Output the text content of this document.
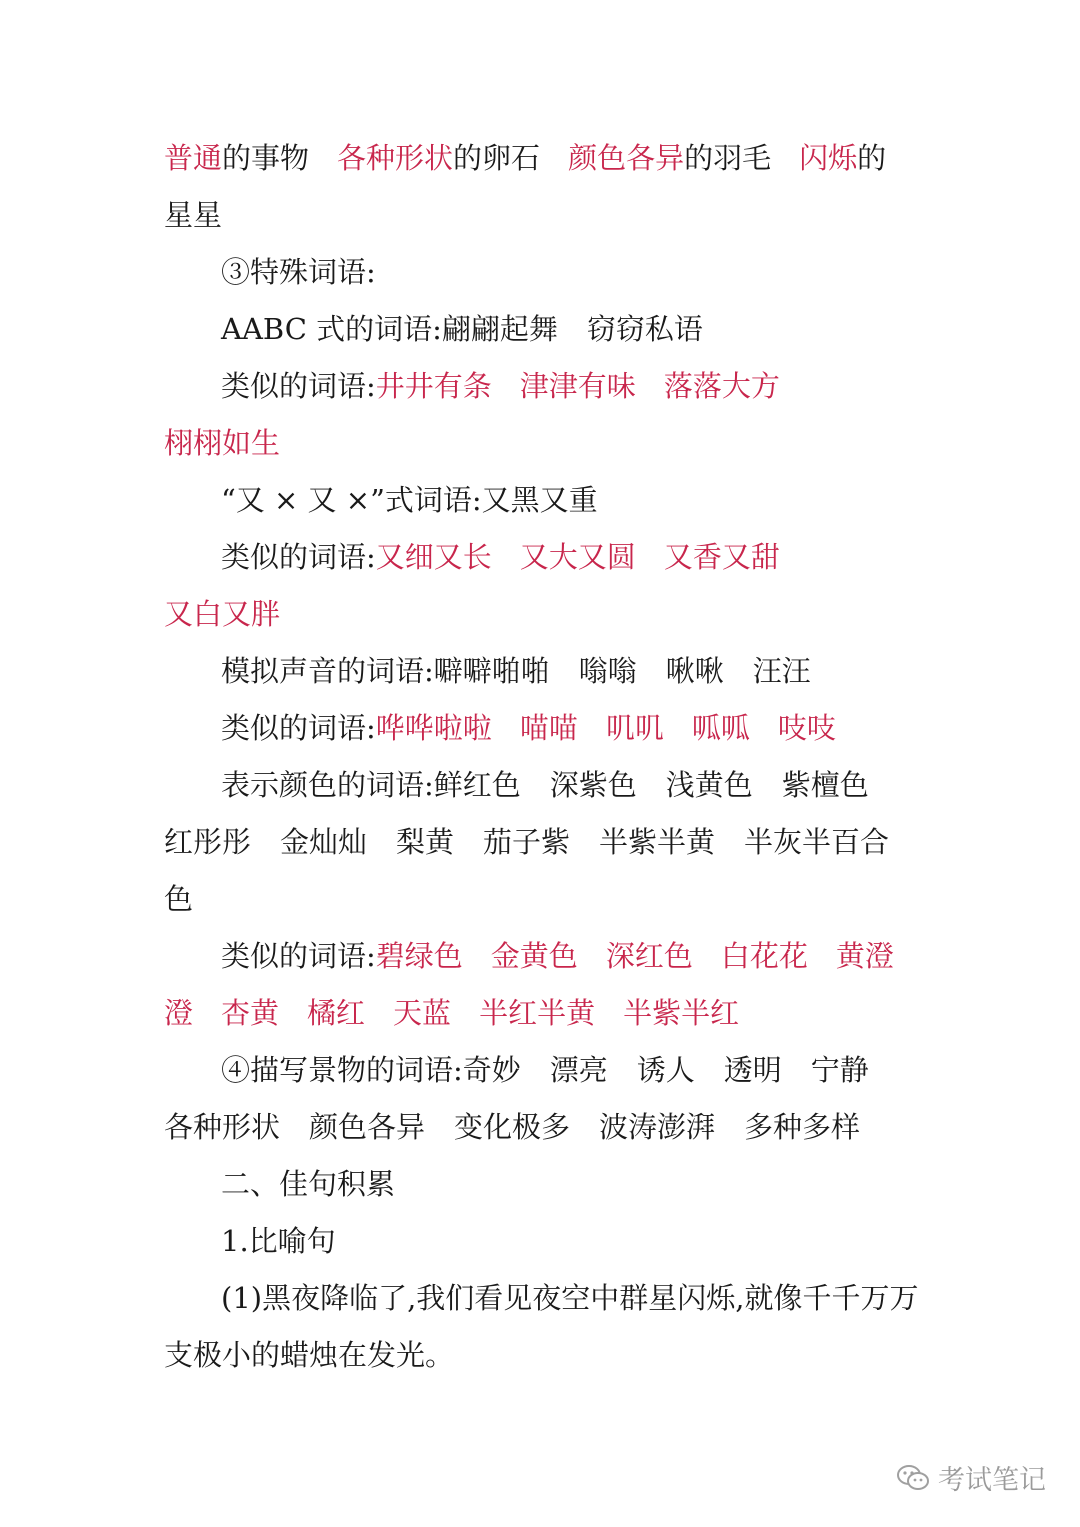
普通的事物 各种形状的卵石 颜色各异的羽毛 闪烁的
星星
③特殊词语:
AABC 式的词语:翩翩起舞　窃窃私语
类似的词语:井井有条 津津有味 落落大方
栩栩如生
“又 × 又 ×”式词语:又黑又重
类似的词语:又细又长 又大又圆 又香又甜
又白又胖
模拟声音的词语:噼噼啪啪　嗡嗡　啾啾　汪汪
类似的词语:哗哗啦啦 喵喵 叽叽 呱呱 吱吱
表示颜色的词语:鲜红色　深紫色　浅黄色　紫檀色
红彤彤　金灿灿　梨黄　茄子紫　半紫半黄　半灰半百合
色
类似的词语:碧绿色 金黄色 深红色 白花花 黄澄
澄 杏黄 橘红 天蓝 半红半黄 半紫半红
④描写景物的词语:奇妙　漂亮　诱人　透明　宁静
各种形状　颜色各异　变化极多　波涛澎湃　多种多样
二、佳句积累
1.比喻句
(1)黑夜降临了,我们看见夜空中群星闪烁,就像千千万万
支极小的蜡烛在发光。
考试笔记
